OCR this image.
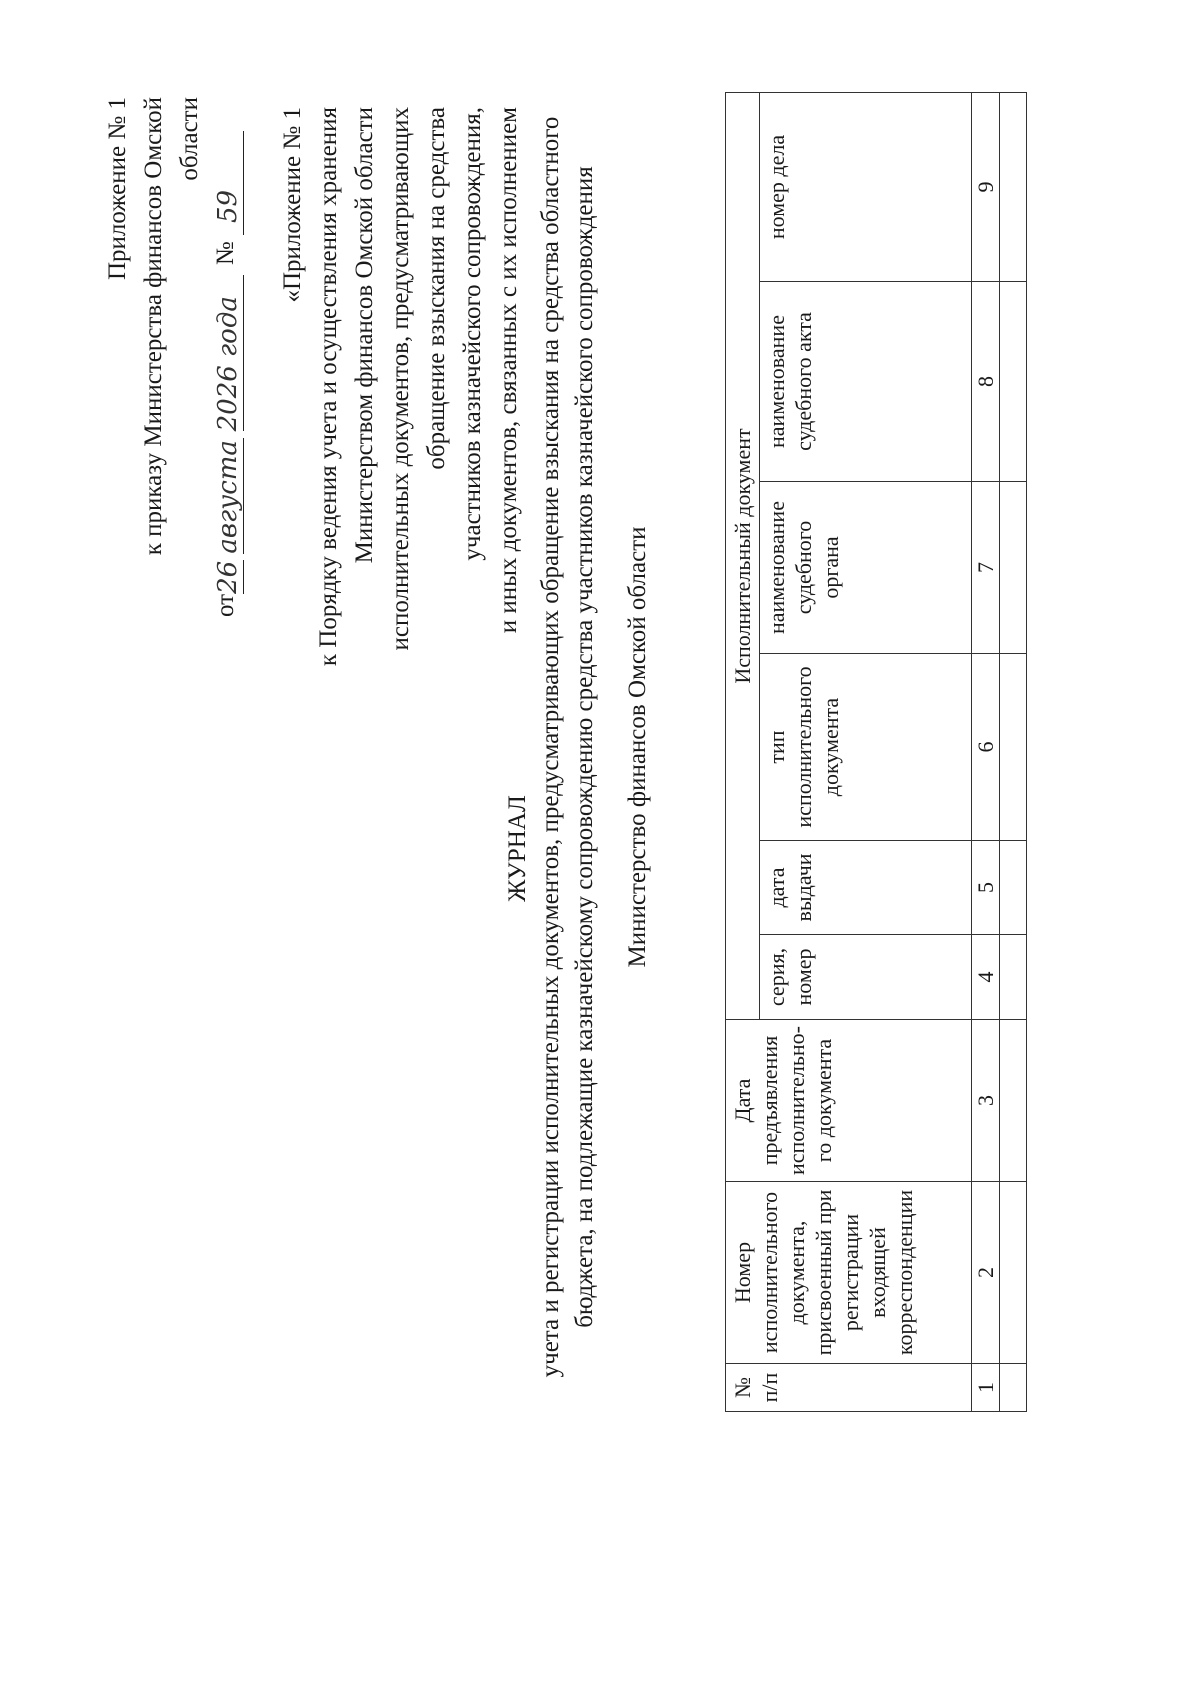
Приложение № 1 к приказу Министерства финансов Омской области
от26 августа 2026 года № 59 «Приложение № 1 к Порядку ведения учета и осуществления хранения Министерством финансов Омской области исполнительных документов, предусматривающих обращение взыскания на средства участников казначейского сопровождения, и иных документов, связанных с их исполнением
ЖУРНАЛ учета и регистрации исполнительных документов, предусматривающих обращение взыскания на средства областного бюджета, на подлежащие казначейскому сопровождению средства участников казначейского сопровождения Министерство финансов Омской области
№ п/п	Номер исполнительного документа, присвоенный при регистрации входящей корреспонденции	Дата предъявления исполнительно-го документа	Исполнительный документ					
			серия, номер	дата выдачи	тип исполнительного документа	наименование судебного органа	наименование судебного акта	номер дела
1	2	3	4	5	6	7	8	9
